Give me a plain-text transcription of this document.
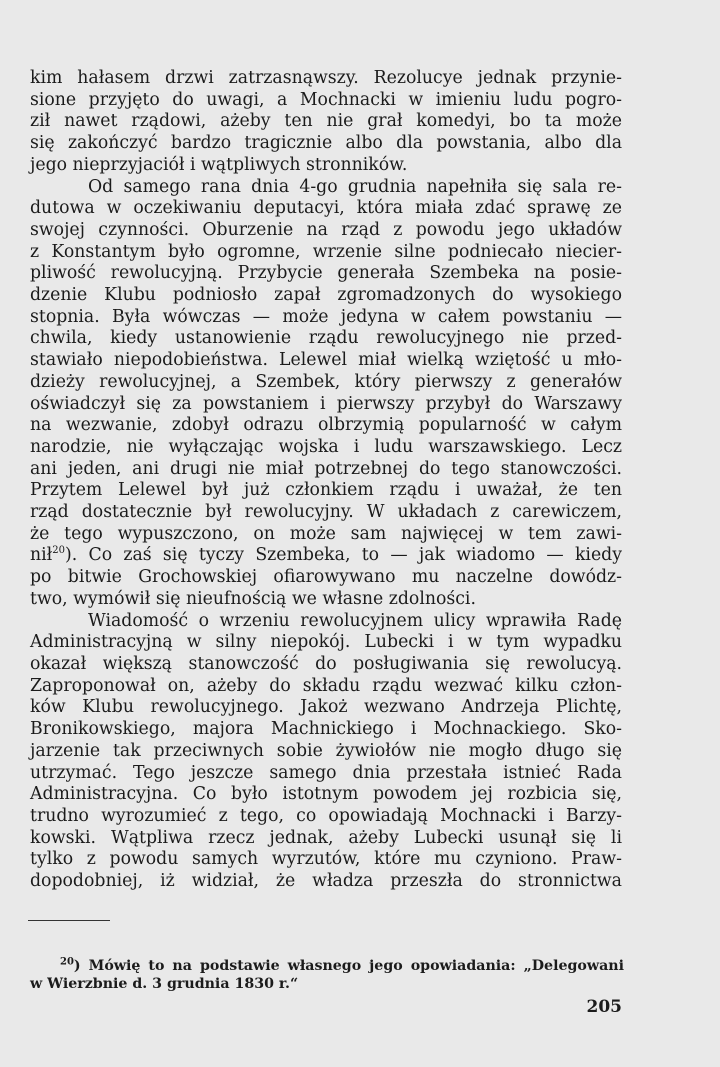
kim hałasem drzwi zatrzasnąwszy. Rezolucye jednak przynie-
sione przyjęto do uwagi, a Mochnacki w imieniu ludu pogro-
ził nawet rządowi, ażeby ten nie grał komedyi, bo ta może
się zakończyć bardzo tragicznie albo dla powstania, albo dla
jego nieprzyjaciół i wątpliwych stronników.
Od samego rana dnia 4-go grudnia napełniła się sala re-
dutowa w oczekiwaniu deputacyi, która miała zdać sprawę ze
swojej czynności. Oburzenie na rząd z powodu jego układów
z Konstantym było ogromne, wrzenie silne podniecało niecier-
pliwość rewolucyjną. Przybycie generała Szembeka na posie-
dzenie Klubu podniosło zapał zgromadzonych do wysokiego
stopnia. Była wówczas — może jedyna w całem powstaniu —
chwila, kiedy ustanowienie rządu rewolucyjnego nie przed-
stawiało niepodobieństwa. Lelewel miał wielką wziętość u mło-
dzieży rewolucyjnej, a Szembek, który pierwszy z generałów
oświadczył się za powstaniem i pierwszy przybył do Warszawy
na wezwanie, zdobył odrazu olbrzymią popularność w całym
narodzie, nie wyłączając wojska i ludu warszawskiego. Lecz
ani jeden, ani drugi nie miał potrzebnej do tego stanowczości.
Przytem Lelewel był już członkiem rządu i uważał, że ten
rząd dostatecznie był rewolucyjny. W układach z carewiczem,
że tego wypuszczono, on może sam najwięcej w tem zawi-
nił$^{20}$). Co zaś się tyczy Szembeka, to — jak wiadomo — kiedy
po bitwie Grochowskiej ofiarowywano mu naczelne dowódz-
two, wymówił się nieufnością we własne zdolności.
Wiadomość o wrzeniu rewolucyjnem ulicy wprawiła Radę
Administracyjną w silny niepokój. Lubecki i w tym wypadku
okazał większą stanowczość do posługiwania się rewolucyą.
Zaproponował on, ażeby do składu rządu wezwać kilku człon-
ków Klubu rewolucyjnego. Jakoż wezwano Andrzeja Plichtę,
Bronikowskiego, majora Machnickiego i Mochnackiego. Sko-
jarzenie tak przeciwnych sobie żywiołów nie mogło długo się
utrzymać. Tego jeszcze samego dnia przestała istnieć Rada
Administracyjna. Co było istotnym powodem jej rozbicia się,
trudno wyrozumieć z tego, co opowiadają Mochnacki i Barzy-
kowski. Wątpliwa rzecz jednak, ażeby Lubecki usunął się li
tylko z powodu samych wyrzutów, które mu czyniono. Praw-
dopodobniej, iż widział, że władza przeszła do stronnictwa
$^{20}$) Mówię to na podstawie własnego jego opowiadania: „Delegowani
w Wierzbnie d. 3 grudnia 1830 r.“
205
